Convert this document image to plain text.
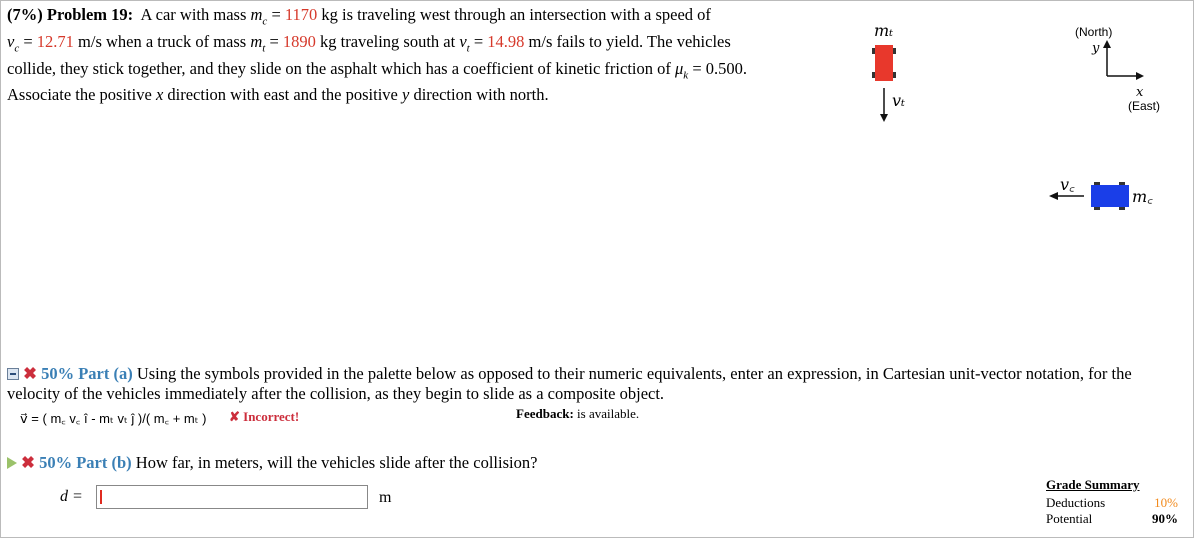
(7%) Problem 19: A car with mass $m_c = 1170$ kg is traveling west through an intersection with a speed of
$v_c = 12.71$ m/s when a truck of mass $m_t = 1890$ kg traveling south at $v_t = 14.98$ m/s fails to yield. The vehicles
collide, they stick together, and they slide on the asphalt which has a coefficient of kinetic friction of $\mu_k = 0.500$.
Associate the positive x direction with east and the positive y direction with north.
mₜ
vₜ
(North)
y
x
(East)
v꜀
m꜀
✖ 50% Part (a) Using the symbols provided in the palette below as opposed to their numeric equivalents, enter an expression, in Cartesian unit-vector notation, for the velocity of the vehicles immediately after the collision, as they begin to slide as a composite object.
v⃗ = ( m꜀ v꜀ î - mₜ vₜ ĵ )/( m꜀ + mₜ ) ✘ Incorrect!	Feedback: is available.
✖ 50% Part (b) How far, in meters, will the vehicles slide after the collision?
d =	m
Grade Summary
Deductions	10%
Potential	90%
